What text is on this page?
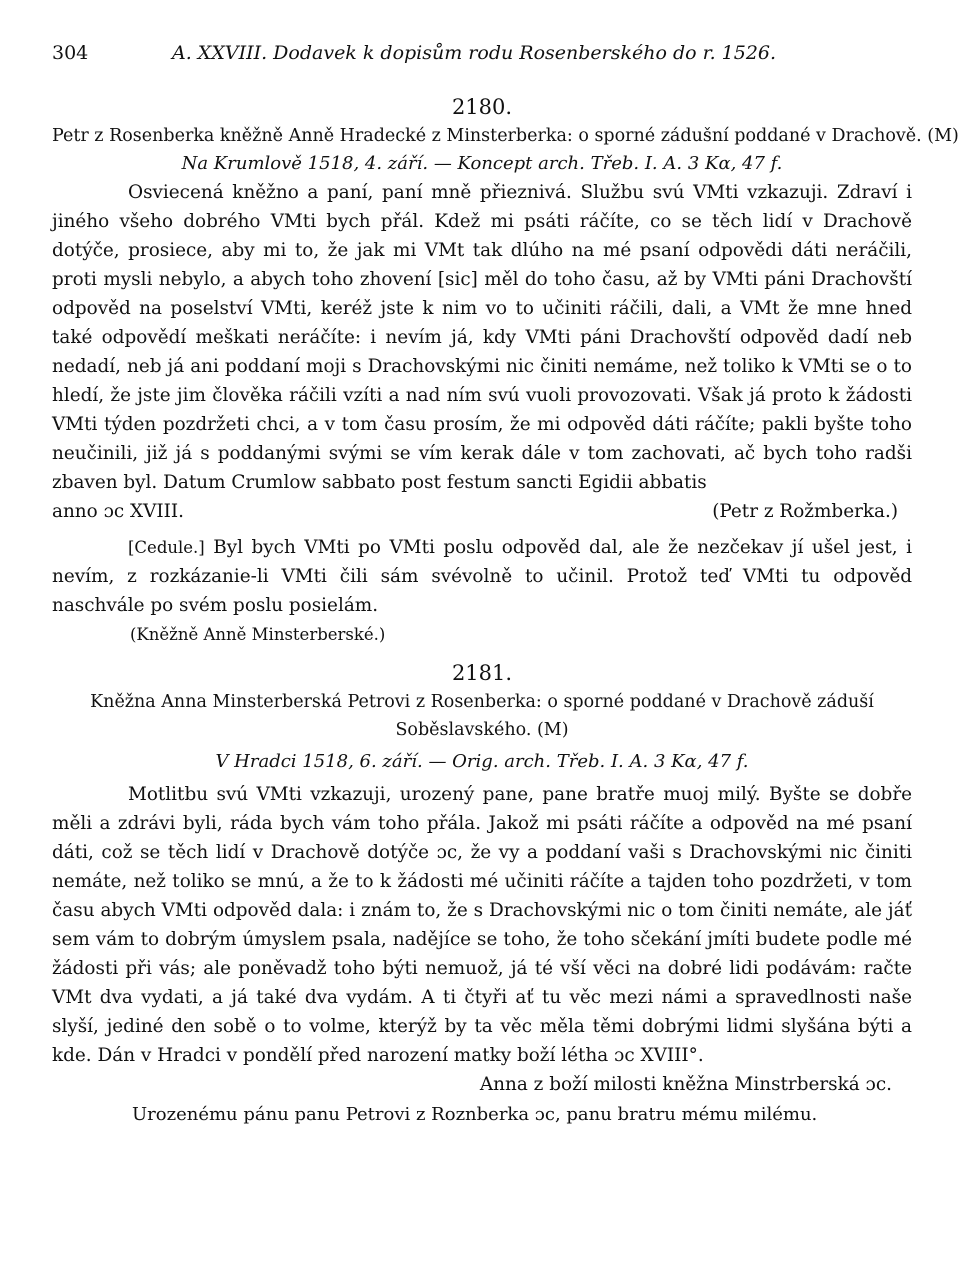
304	A. XXVIII. Dodavek k dopisům rodu Rosenberského do r. 1526.
2180.
Petr z Rosenberka kněžně Anně Hradecké z Minsterberka: o sporné zádušní poddané v Drachově. (M)
Na Krumlově 1518, 4. září. — Koncept arch. Třeb. I. A. 3 Kα, 47 f.

Osviecená kněžno a paní, paní mně přieznivá. Službu svú VMti vzkazuji. Zdraví i jiného všeho dobrého VMti bych přál. Kdež mi psáti ráčíte, co se těch lidí v Drachově dotýče, prosiece, aby mi to, že jak mi VMt tak dlúho na mé psaní odpovědi dáti neráčili, proti mysli nebylo, a abych toho zhovení [sic] měl do toho času, až by VMti páni Drachovští odpověd na poselství VMti, keréž jste k nim vo to učiniti ráčili, dali, a VMt že mne hned také odpovědí meškati neráčíte: i nevím já, kdy VMti páni Drachovští odpověd dadí neb nedadí, neb já ani poddaní moji s Drachovskými nic činiti nemáme, než toliko k VMti se o to hledí, že jste jim člověka ráčili vzíti a nad ním svú vuoli provozovati. Však já proto k žádosti VMti týden pozdržeti chci, a v tom času prosím, že mi odpověd dáti ráčíte; pakli byšte toho neučinili, již já s poddanými svými se vím kerak dále v tom zachovati, ač bych toho radši zbaven byl. Datum Crumlow sabbato post festum sancti Egidii abbatis

anno ɔc XVIII.	(Petr z Rožmberka.)

[Cedule.] Byl bych VMti po VMti poslu odpověd dal, ale že nezčekav jí ušel jest, i nevím, z rozkázanie-li VMti čili sám svévolně to učinil. Protož teď VMti tu odpověd naschvále po svém poslu posielám.

(Kněžně Anně Minsterberské.)
2181.
Kněžna Anna Minsterberská Petrovi z Rosenberka: o sporné poddané v Drachově záduší
Soběslavského. (M)
V Hradci 1518, 6. září. — Orig. arch. Třeb. I. A. 3 Kα, 47 f.

Motlitbu svú VMti vzkazuji, urozený pane, pane bratře muoj milý. Byšte se dobře měli a zdrávi byli, ráda bych vám toho přála. Jakož mi psáti ráčíte a odpověd na mé psaní dáti, což se těch lidí v Drachově dotýče ɔc, že vy a poddaní vaši s Drachovskými nic činiti nemáte, než toliko se mnú, a že to k žádosti mé učiniti ráčíte a tajden toho pozdržeti, v tom času abych VMti odpověd dala: i znám to, že s Drachovskými nic o tom činiti nemáte, ale jáť sem vám to dobrým úmyslem psala, nadějíce se toho, že toho sčekání jmíti budete podle mé žádosti při vás; ale poněvadž toho býti nemuož, já té vší věci na dobré lidi podávám: račte VMt dva vydati, a já také dva vydám. A ti čtyři ať tu věc mezi námi a spravedlnosti naše slyší, jediné den sobě o to volme, kterýž by ta věc měla těmi dobrými lidmi slyšána býti a kde. Dán v Hradci v pondělí před narození matky boží létha ɔc XVIII°.

Anna z boží milosti kněžna Minstrberská ɔc.
Urozenému pánu panu Petrovi z Roznberka ɔc, panu bratru mému milému.
